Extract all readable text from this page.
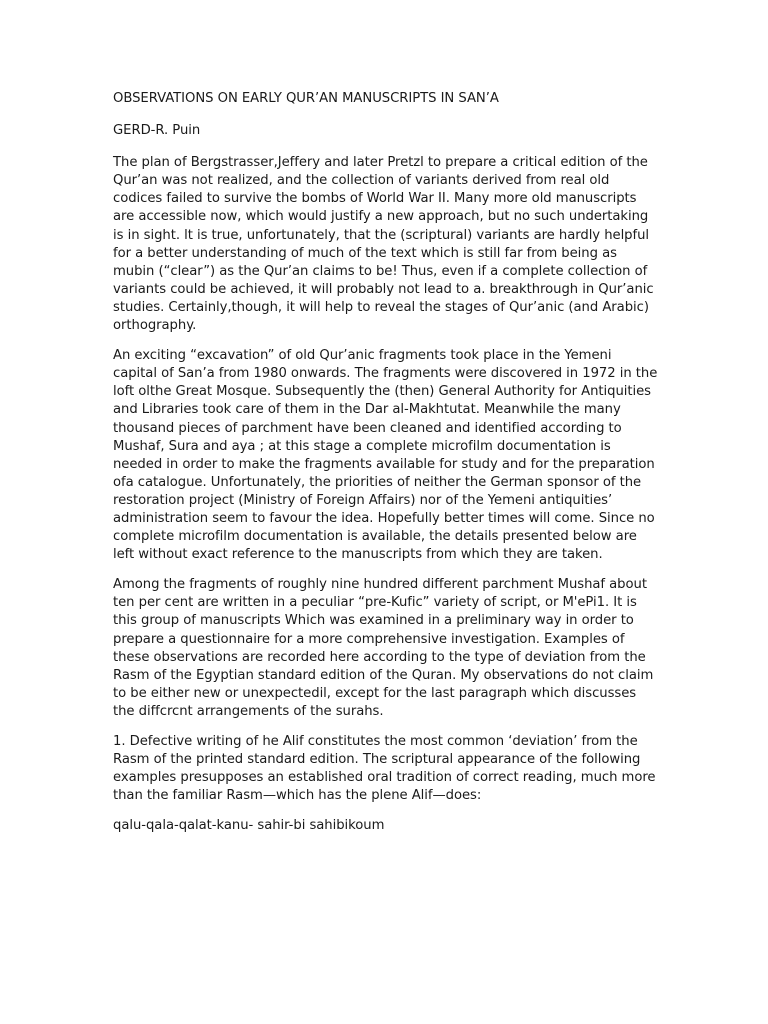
OBSERVATIONS ON EARLY QUR’AN MANUSCRIPTS IN SAN’A

GERD-R. Puin

The plan of Bergstrasser,Jeffery and later Pretzl to prepare a critical edition of the Qur’an was not realized, and the collection of variants derived from real old codices failed to survive the bombs of World War II. Many more old manuscripts are accessible now, which would justify a new approach, but no such undertaking is in sight. lt is true, unfortunately, that the (scriptural) variants are hardly helpful for a better understanding of much of the text which is still far from being as mubin (“clear”) as the Qur’an claims to be! Thus, even if a complete collection of variants could be achieved, it will probably not lead to a. breakthrough in Qur’anic studies. Certainly,though, it will help to reveal the stages of Qur’anic (and Arabic) orthography.

An exciting “excavation” of old Qur’anic fragments took place in the Yemeni capital of San’a from 1980 onwards. The fragments were discovered in 1972 in the loft olthe Great Mosque. Subsequently the (then) General Authority for Antiquities and Libraries took care of them in the Dar al-Makhtutat. Meanwhile the many thousand pieces of parchment have been cleaned and identified according to Mushaf, Sura and aya ; at this stage a complete microfilm documentation is needed in order to make the fragments available for study and for the preparation ofa catalogue. Unfortunately, the priorities of neither the German sponsor of the restoration project (Ministry of Foreign Affairs) nor of the Yemeni antiquities’ administration seem to favour the idea. Hopefully better times will come. Since no complete microfilm documentation is available, the details presented below are left without exact reference to the manuscripts from which they are taken.

Among the fragments of roughly nine hundred different parchment Mushaf about ten per cent are written in a peculiar “pre-Kufic” variety of script, or M'ePi1. It is this group of manuscripts Which was examined in a preliminary way in order to prepare a questionnaire for a more comprehensive investigation. Examples of these observations are recorded here according to the type of deviation from the Rasm of the Egyptian standard edition of the Quran. My observations do not claim to be either new or unexpectedil, except for the last paragraph which discusses the diffcrcnt arrangements of the surahs.

1. Defective writing of he Alif constitutes the most common ‘deviation’ from the Rasm of the printed standard edition. The scriptural appearance of the following examples presupposes an established oral tradition of correct reading, much more than the familiar Rasm—which has the plene Alif—does:

qalu-qala-qalat-kanu- sahir-bi sahibikoum
